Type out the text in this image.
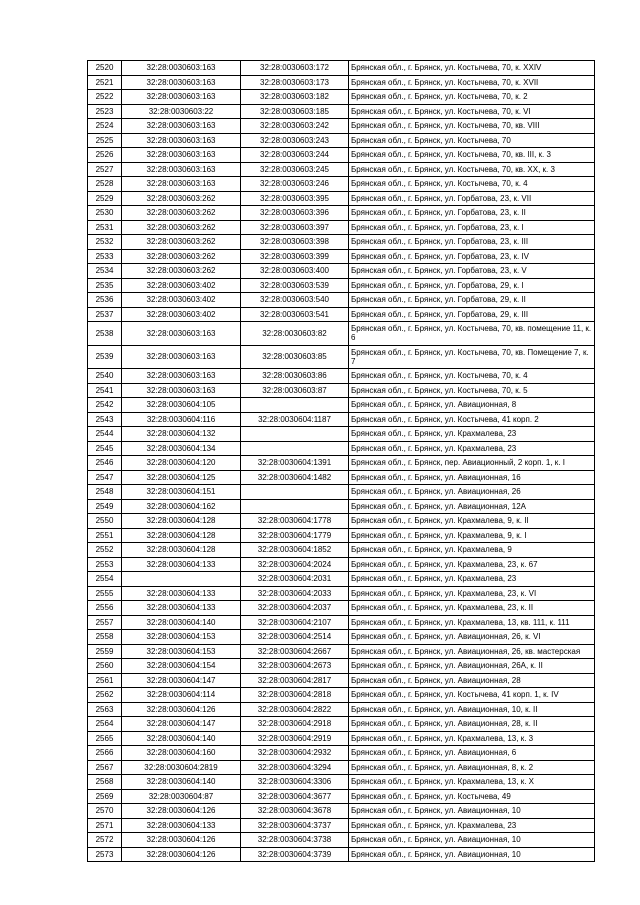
2520	32:28:0030603:163	32:28:0030603:172	Брянская обл., г. Брянск, ул. Костычева, 70, к. XXIV
2521	32:28:0030603:163	32:28:0030603:173	Брянская обл., г. Брянск, ул. Костычева, 70, к. XVII
2522	32:28:0030603:163	32:28:0030603:182	Брянская обл., г. Брянск, ул. Костычева, 70, к. 2
2523	32:28:0030603:22	32:28:0030603:185	Брянская обл., г. Брянск, ул. Костычева, 70, к. VI
2524	32:28:0030603:163	32:28:0030603:242	Брянская обл., г. Брянск, ул. Костычева, 70, кв. VIII
2525	32:28:0030603:163	32:28:0030603:243	Брянская обл., г. Брянск, ул. Костычева, 70
2526	32:28:0030603:163	32:28:0030603:244	Брянская обл., г. Брянск, ул. Костычева, 70, кв. III, к. 3
2527	32:28:0030603:163	32:28:0030603:245	Брянская обл., г. Брянск, ул. Костычева, 70, кв. XX, к. 3
2528	32:28:0030603:163	32:28:0030603:246	Брянская обл., г. Брянск, ул. Костычева, 70, к. 4
2529	32:28:0030603:262	32:28:0030603:395	Брянская обл., г. Брянск, ул. Горбатова, 23, к. VII
2530	32:28:0030603:262	32:28:0030603:396	Брянская обл., г. Брянск, ул. Горбатова, 23, к. II
2531	32:28:0030603:262	32:28:0030603:397	Брянская обл., г. Брянск, ул. Горбатова, 23, к. I
2532	32:28:0030603:262	32:28:0030603:398	Брянская обл., г. Брянск, ул. Горбатова, 23, к. III
2533	32:28:0030603:262	32:28:0030603:399	Брянская обл., г. Брянск, ул. Горбатова, 23, к. IV
2534	32:28:0030603:262	32:28:0030603:400	Брянская обл., г. Брянск, ул. Горбатова, 23, к. V
2535	32:28:0030603:402	32:28:0030603:539	Брянская обл., г. Брянск, ул. Горбатова, 29, к. I
2536	32:28:0030603:402	32:28:0030603:540	Брянская обл., г. Брянск, ул. Горбатова, 29, к. II
2537	32:28:0030603:402	32:28:0030603:541	Брянская обл., г. Брянск, ул. Горбатова, 29, к. III
2538	32:28:0030603:163	32:28:0030603:82	Брянская обл., г. Брянск, ул. Костычева, 70, кв. помещение 11, к. 6
2539	32:28:0030603:163	32:28:0030603:85	Брянская обл., г. Брянск, ул. Костычева, 70, кв. Помещение 7, к. 7
2540	32:28:0030603:163	32:28:0030603:86	Брянская обл., г. Брянск, ул. Костычева, 70, к. 4
2541	32:28:0030603:163	32:28:0030603:87	Брянская обл., г. Брянск, ул. Костычева, 70, к. 5
2542	32:28:0030604:105		Брянская обл., г. Брянск, ул. Авиационная, 8
2543	32:28:0030604:116	32:28:0030604:1187	Брянская обл., г. Брянск, ул. Костычева, 41 корп. 2
2544	32:28:0030604:132		Брянская обл., г. Брянск, ул. Крахмалева, 23
2545	32:28:0030604:134		Брянская обл., г. Брянск, ул. Крахмалева, 23
2546	32:28:0030604:120	32:28:0030604:1391	Брянская обл., г. Брянск, пер. Авиационный, 2 корп. 1, к. I
2547	32:28:0030604:125	32:28:0030604:1482	Брянская обл., г. Брянск, ул. Авиационная, 16
2548	32:28:0030604:151		Брянская обл., г. Брянск, ул. Авиационная, 26
2549	32:28:0030604:162		Брянская обл., г. Брянск, ул. Авиационная, 12А
2550	32:28:0030604:128	32:28:0030604:1778	Брянская обл., г. Брянск, ул. Крахмалева, 9, к. II
2551	32:28:0030604:128	32:28:0030604:1779	Брянская обл., г. Брянск, ул. Крахмалева, 9, к. I
2552	32:28:0030604:128	32:28:0030604:1852	Брянская обл., г. Брянск, ул. Крахмалева, 9
2553	32:28:0030604:133	32:28:0030604:2024	Брянская обл., г. Брянск, ул. Крахмалева, 23, к. 67
2554		32:28:0030604:2031	Брянская обл., г. Брянск, ул. Крахмалева, 23
2555	32:28:0030604:133	32:28:0030604:2033	Брянская обл., г. Брянск, ул. Крахмалева, 23, к. VI
2556	32:28:0030604:133	32:28:0030604:2037	Брянская обл., г. Брянск, ул. Крахмалева, 23, к. II
2557	32:28:0030604:140	32:28:0030604:2107	Брянская обл., г. Брянск, ул. Крахмалева, 13, кв. 111, к. 111
2558	32:28:0030604:153	32:28:0030604:2514	Брянская обл., г. Брянск, ул. Авиационная, 26, к. VI
2559	32:28:0030604:153	32:28:0030604:2667	Брянская обл., г. Брянск, ул. Авиационная, 26, кв. мастерская
2560	32:28:0030604:154	32:28:0030604:2673	Брянская обл., г. Брянск, ул. Авиационная, 26А, к. II
2561	32:28:0030604:147	32:28:0030604:2817	Брянская обл., г. Брянск, ул. Авиационная, 28
2562	32:28:0030604:114	32:28:0030604:2818	Брянская обл., г. Брянск, ул. Костычева, 41 корп. 1, к. IV
2563	32:28:0030604:126	32:28:0030604:2822	Брянская обл., г. Брянск, ул. Авиационная, 10, к. II
2564	32:28:0030604:147	32:28:0030604:2918	Брянская обл., г. Брянск, ул. Авиационная, 28, к. II
2565	32:28:0030604:140	32:28:0030604:2919	Брянская обл., г. Брянск, ул. Крахмалева, 13, к. 3
2566	32:28:0030604:160	32:28:0030604:2932	Брянская обл., г. Брянск, ул. Авиационная, 6
2567	32:28:0030604:2819	32:28:0030604:3294	Брянская обл., г. Брянск, ул. Авиационная, 8, к. 2
2568	32:28:0030604:140	32:28:0030604:3306	Брянская обл., г. Брянск, ул. Крахмалева, 13, к. X
2569	32:28:0030604:87	32:28:0030604:3677	Брянская обл., г. Брянск, ул. Костычева, 49
2570	32:28:0030604:126	32:28:0030604:3678	Брянская обл., г. Брянск, ул. Авиационная, 10
2571	32:28:0030604:133	32:28:0030604:3737	Брянская обл., г. Брянск, ул. Крахмалева, 23
2572	32:28:0030604:126	32:28:0030604:3738	Брянская обл., г. Брянск, ул. Авиационная, 10
2573	32:28:0030604:126	32:28:0030604:3739	Брянская обл., г. Брянск, ул. Авиационная, 10
